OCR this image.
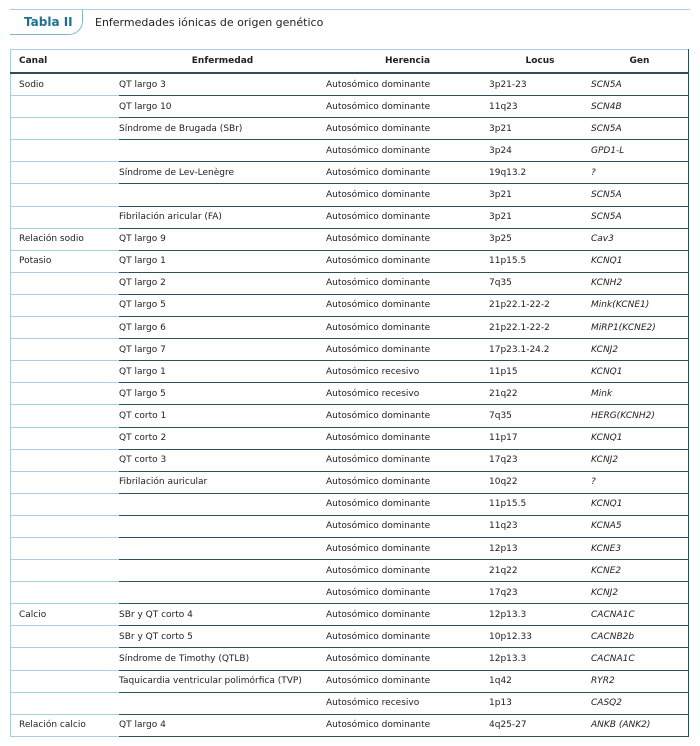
Tabla II Enfermedades iónicas de origen genético
Canal	Enfermedad	Herencia	Locus	Gen
Sodio	QT largo 3	Autosómico dominante	3p21-23	SCN5A
	QT largo 10	Autosómico dominante	11q23	SCN4B
	Síndrome de Brugada (SBr)	Autosómico dominante	3p21	SCN5A
		Autosómico dominante	3p24	GPD1-L
	Síndrome de Lev-Lenègre	Autosómico dominante	19q13.2	?
		Autosómico dominante	3p21	SCN5A
	Fibrilación aricular (FA)	Autosómico dominante	3p21	SCN5A
Relación sodio	QT largo 9	Autosómico dominante	3p25	Cav3
Potasio	QT largo 1	Autosómico dominante	11p15.5	KCNQ1
	QT largo 2	Autosómico dominante	7q35	KCNH2
	QT largo 5	Autosómico dominante	21p22.1-22-2	Mink(KCNE1)
	QT largo 6	Autosómico dominante	21p22.1-22-2	MiRP1(KCNE2)
	QT largo 7	Autosómico dominante	17p23.1-24.2	KCNJ2
	QT largo 1	Autosómico recesivo	11p15	KCNQ1
	QT largo 5	Autosómico recesivo	21q22	Mink
	QT corto 1	Autosómico dominante	7q35	HERG(KCNH2)
	QT corto 2	Autosómico dominante	11p17	KCNQ1
	QT corto 3	Autosómico dominante	17q23	KCNJ2
	Fibrilación auricular	Autosómico dominante	10q22	?
		Autosómico dominante	11p15.5	KCNQ1
		Autosómico dominante	11q23	KCNA5
		Autosómico dominante	12p13	KCNE3
		Autosómico dominante	21q22	KCNE2
		Autosómico dominante	17q23	KCNJ2
Calcio	SBr y QT corto 4	Autosómico dominante	12p13.3	CACNA1C
	SBr y QT corto 5	Autosómico dominante	10p12.33	CACNB2b
	Síndrome de Timothy (QTLB)	Autosómico dominante	12p13.3	CACNA1C
	Taquicardia ventricular polimórfica (TVP)	Autosómico dominante	1q42	RYR2
		Autosómico recesivo	1p13	CASQ2
Relación calcio	QT largo 4	Autosómico dominante	4q25-27	ANKB (ANK2)
